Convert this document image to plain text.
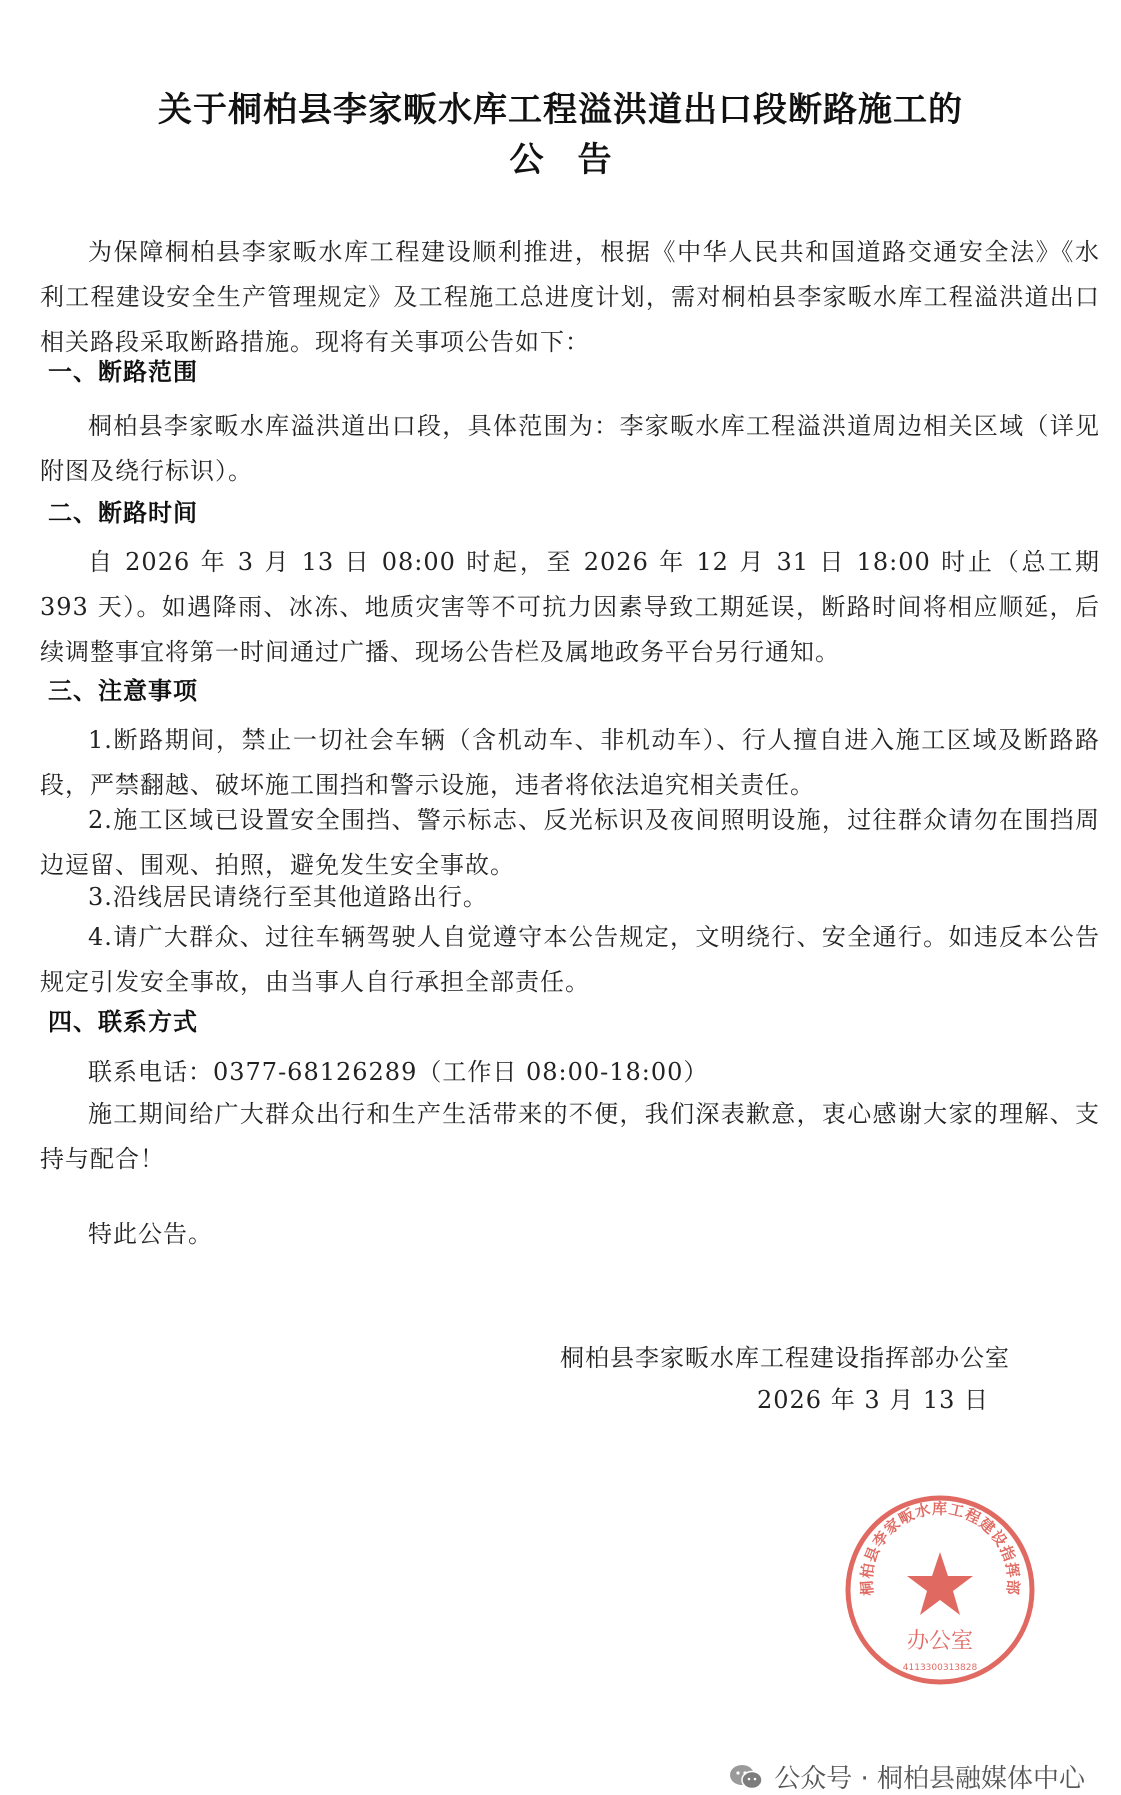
关于桐柏县李家畈水库工程溢洪道出口段断路施工的
公告
为保障桐柏县李家畈水库工程建设顺利推进，根据《中华人民共和国道路交通安全法》《水利工程建设安全生产管理规定》及工程施工总进度计划，需对桐柏县李家畈水库工程溢洪道出口相关路段采取断路措施。现将有关事项公告如下：
一、断路范围
桐柏县李家畈水库溢洪道出口段，具体范围为：李家畈水库工程溢洪道周边相关区域（详见附图及绕行标识）。
二、断路时间
自 2026 年 3 月 13 日 08:00 时起，至 2026 年 12 月 31 日 18:00 时止（总工期 393 天）。如遇降雨、冰冻、地质灾害等不可抗力因素导致工期延误，断路时间将相应顺延，后续调整事宜将第一时间通过广播、现场公告栏及属地政务平台另行通知。
三、注意事项
1.断路期间，禁止一切社会车辆（含机动车、非机动车）、行人擅自进入施工区域及断路路段，严禁翻越、破坏施工围挡和警示设施，违者将依法追究相关责任。
2.施工区域已设置安全围挡、警示标志、反光标识及夜间照明设施，过往群众请勿在围挡周边逗留、围观、拍照，避免发生安全事故。
3.沿线居民请绕行至其他道路出行。
4.请广大群众、过往车辆驾驶人自觉遵守本公告规定，文明绕行、安全通行。如违反本公告规定引发安全事故，由当事人自行承担全部责任。
四、联系方式
联系电话：0377-68126289（工作日 08:00-18:00）
施工期间给广大群众出行和生产生活带来的不便，我们深表歉意，衷心感谢大家的理解、支持与配合！
特此公告。
桐柏县李家畈水库工程建设指挥部
办公室
4113300313828
桐柏县李家畈水库工程建设指挥部办公室
2026 年 3 月 13 日
公众号 · 桐柏县融媒体中心
